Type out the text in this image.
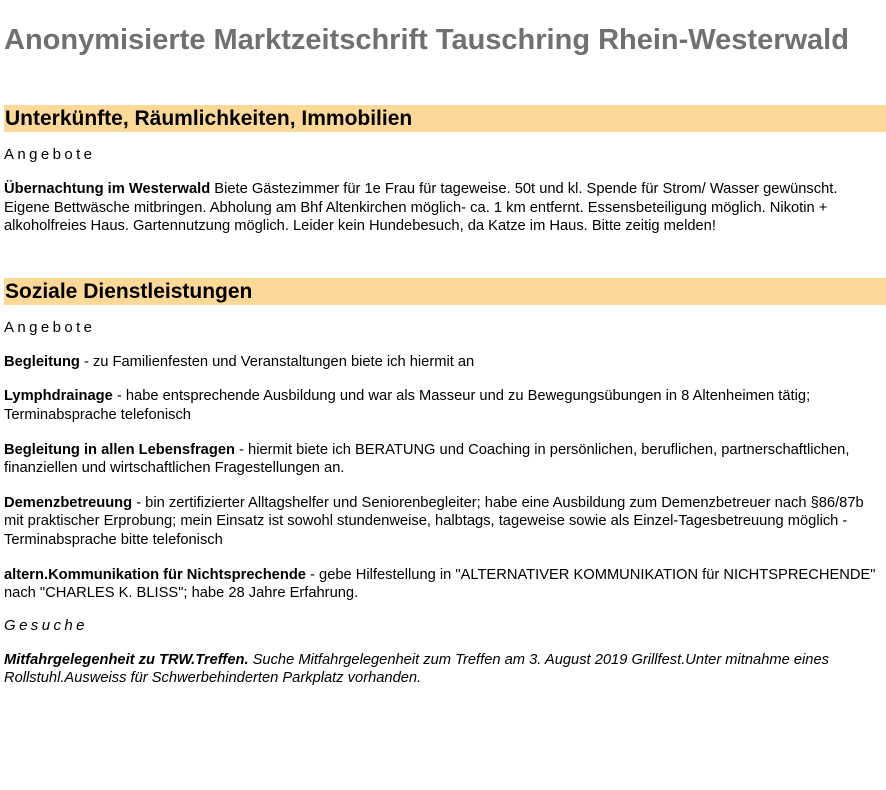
Anonymisierte Marktzeitschrift Tauschring Rhein-Westerwald
Unterkünfte, Räumlichkeiten, Immobilien
Angebote

Übernachtung im Westerwald Biete Gästezimmer für 1e Frau für tageweise. 50t und kl. Spende für Strom/ Wasser gewünscht. Eigene Bettwäsche mitbringen. Abholung am Bhf Altenkirchen möglich- ca. 1 km entfernt. Essensbeteiligung möglich. Nikotin + alkoholfreies Haus. Gartennutzung möglich. Leider kein Hundebesuch, da Katze im Haus. Bitte zeitig melden!

Soziale Dienstleistungen
Angebote

Begleitung - zu Familienfesten und Veranstaltungen biete ich hiermit an

Lymphdrainage - habe entsprechende Ausbildung und war als Masseur und zu Bewegungsübungen in 8 Altenheimen tätig; Terminabsprache telefonisch

Begleitung in allen Lebensfragen - hiermit biete ich BERATUNG und Coaching in persönlichen, beruflichen, partnerschaftlichen, finanziellen und wirtschaftlichen Fragestellungen an.

Demenzbetreuung - bin zertifizierter Alltagshelfer und Seniorenbegleiter; habe eine Ausbildung zum Demenzbetreuer nach §86/87b mit praktischer Erprobung; mein Einsatz ist sowohl stundenweise, halbtags, tageweise sowie als Einzel-Tagesbetreuung möglich - Terminabsprache bitte telefonisch

altern.Kommunikation für Nichtsprechende - gebe Hilfestellung in "ALTERNATIVER KOMMUNIKATION für NICHTSPRECHENDE" nach "CHARLES K. BLISS"; habe 28 Jahre Erfahrung.

Gesuche

Mitfahrgelegenheit zu TRW.Treffen. Suche Mitfahrgelegenheit zum Treffen am 3. August 2019 Grillfest.Unter mitnahme eines Rollstuhl.Ausweiss für Schwerbehinderten Parkplatz vorhanden.
